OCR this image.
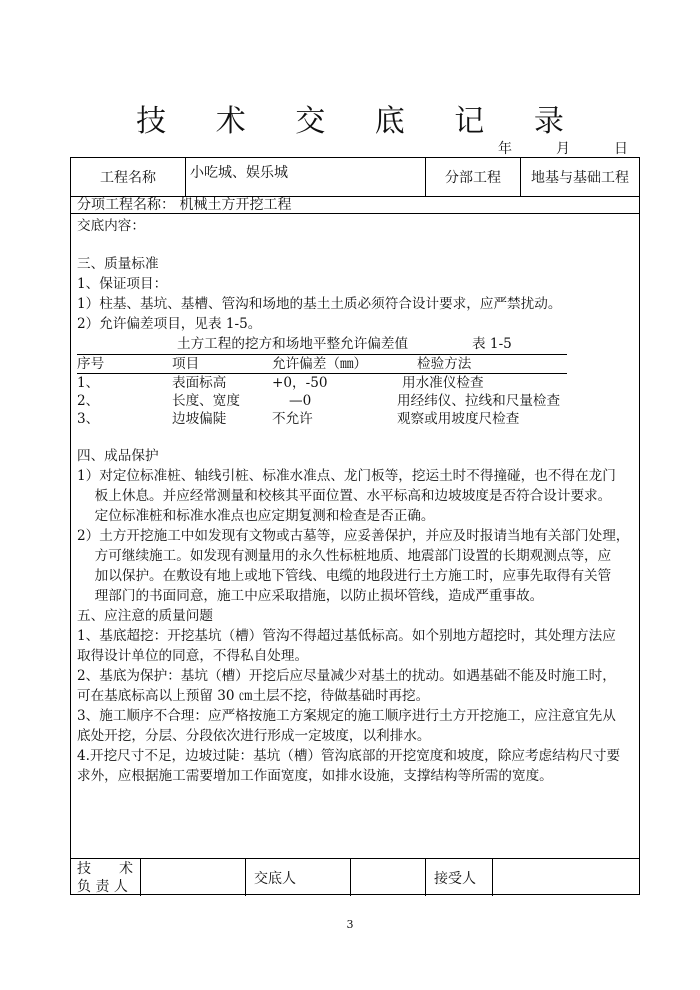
技 术 交 底 记 录
年	月	日
工程名称	小吃城、娱乐城	分部工程	地基与基础工程
分项工程名称： 机械土方开挖工程

交底内容：

三、质量标准

1、保证项目：

1）柱基、基坑、基槽、管沟和场地的基土土质必须符合设计要求，应严禁扰动。

2）允许偏差项目，见表 1-5。

土方工程的挖方和场地平整允许偏差值	表 1-5
序号	项目	允许偏差（㎜）	检验方法
1、	表面标高	+0，-50	用水准仪检查
2、	长度、宽度	—0	用经纬仪、拉线和尺量检查
3、	边坡偏陡	不允许	观察或用坡度尺检查

四、成品保护

1）对定位标准桩、轴线引桩、标准水准点、龙门板等，挖运土时不得撞碰，也不得在龙门

板上休息。并应经常测量和校核其平面位置、水平标高和边坡坡度是否符合设计要求。

定位标准桩和标准水准点也应定期复测和检查是否正确。

2）土方开挖施工中如发现有文物或古墓等，应妥善保护，并应及时报请当地有关部门处理，

方可继续施工。如发现有测量用的永久性标桩地质、地震部门设置的长期观测点等，应

加以保护。在敷设有地上或地下管线、电缆的地段进行土方施工时，应事先取得有关管

理部门的书面同意，施工中应采取措施，以防止损坏管线，造成严重事故。

五、应注意的质量问题

1、基底超挖：开挖基坑（槽）管沟不得超过基低标高。如个别地方超挖时，其处理方法应

取得设计单位的同意，不得私自处理。

2、基底为保护：基坑（槽）开挖后应尽量减少对基土的扰动。如遇基础不能及时施工时，

可在基底标高以上预留 30 ㎝土层不挖，待做基础时再挖。

3、施工顺序不合理：应严格按施工方案规定的施工顺序进行土方开挖施工，应注意宜先从

底处开挖，分层、分段依次进行形成一定坡度，以利排水。

4.开挖尺寸不足，边坡过陡：基坑（槽）管沟底部的开挖宽度和坡度，除应考虑结构尺寸要

求外，应根据施工需要增加工作面宽度，如排水设施，支撑结构等所需的宽度。

技　　术
负 责 人	交底人	接受人
3
